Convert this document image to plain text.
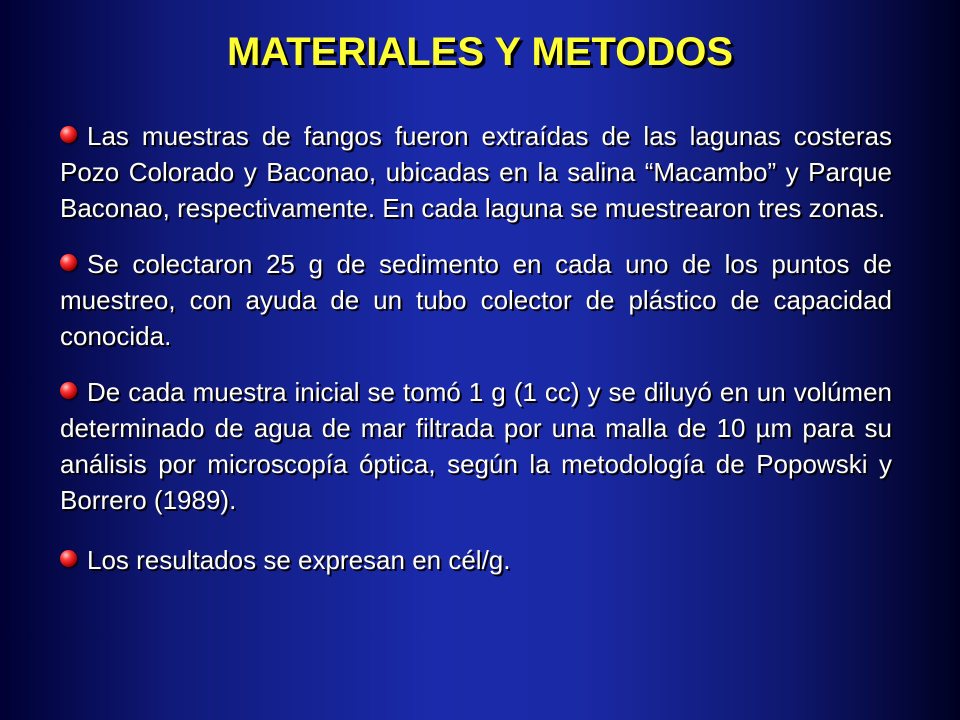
MATERIALES Y METODOS

Las muestras de fangos fueron extraídas de las lagunas costeras Pozo Colorado y Baconao, ubicadas en la salina “Macambo” y Parque Baconao, respectivamente. En cada laguna se muestrearon tres zonas.

Se colectaron 25 g de sedimento en cada uno de los puntos de muestreo, con ayuda de un tubo colector de plástico de capacidad conocida.

De cada muestra inicial se tomó 1 g (1 cc) y se diluyó en un volúmen determinado de agua de mar filtrada por una malla de 10 µm para su análisis por microscopía óptica, según la metodología de Popowski y Borrero (1989).

Los resultados se expresan en cél/g.
